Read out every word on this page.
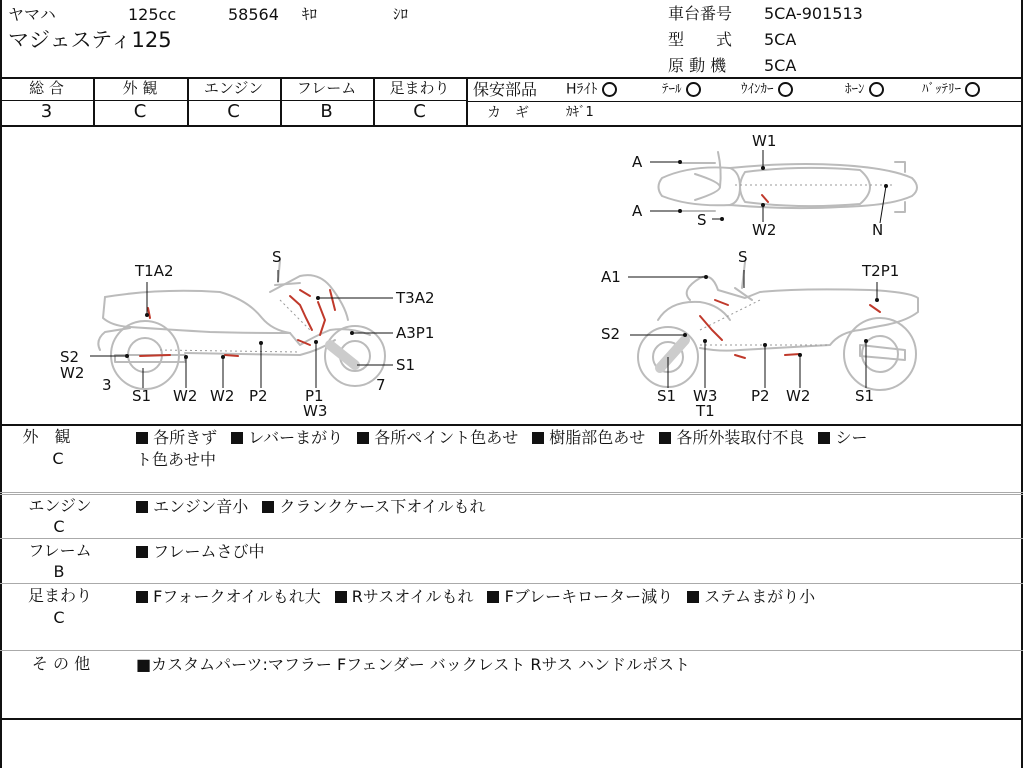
ヤマハ	125cc	58564 ｷﾛ	ｼﾛ
マジェスティ125
車台番号 5CA-901513
型　　式 5CA
原 動 機 5CA
総 合	外 観	エンジン	フレーム	足まわり
3	C	C	B	C
保安部品 Hﾗｲﾄ	ﾃｰﾙ	ｳｲﾝｶｰ	ﾎｰﾝ	ﾊﾞｯﾃﾘｰ
カ　ギ	ｶｷﾞ1
T1A2
S
T3A2
A3P1
S2
W2
3
S1 W2 W2 P2 P1
W3
S1
7
A
W1
A	S
W2	N
A1
S
T2P1
S2
S1 W3
T1
P2 W2	S1
外　観
C
各所きず レバーまがり 各所ペイント色あせ 樹脂部色あせ 各所外装取付不良 シー
ト色あせ中
エンジン
C
エンジン音小 クランクケース下オイルもれ
フレーム
B
フレームさび中
足まわり
C
Fフォークオイルもれ大 Rサスオイルもれ Fブレーキローター減り ステムまがり小
そ の 他	■カスタムパーツ:マフラー Fフェンダー バックレスト Rサス ハンドルポスト
